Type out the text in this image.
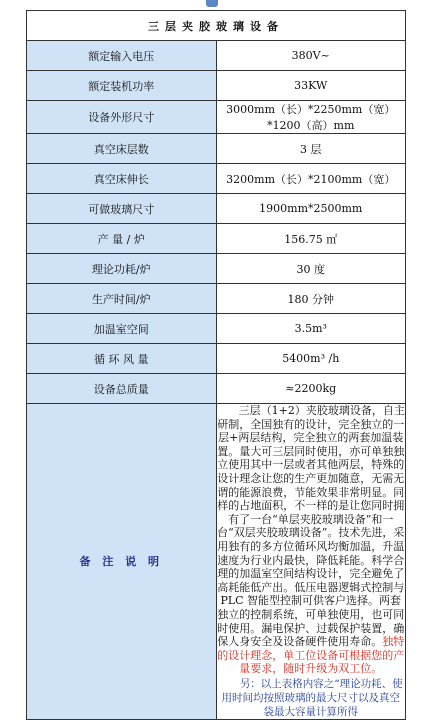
三层夹胶玻璃设备	
额定输入电压	380V~
额定装机功率	33KW
设备外形尺寸	3000mm（长）*2250mm（宽）*1200（高）mm
真空床层数	3 层
真空床伸长	3200mm（长）*2100mm（宽）
可做玻璃尺寸	1900mm*2500mm
产 量 / 炉	156.75 ㎡
理论功耗/炉	30 度
生产时间/炉	180 分钟
加温室空间	3.5m³
循 环 风 量	5400m³ /h
设备总质量	≈2200kg
备 注 说 明	三层（1+2）夹胶玻璃设备，自主研制，全国独有的设计，完全独立的一层+两层结构，完全独立的两套加温装置。量大可三层同时使用，亦可单独独立使用其中一层或者其他两层，特殊的设计理念让您的生产更加随意，无需无谓的能源浪费，节能效果非常明显。同样的占地面积，不一样的是让您同时拥有了一台“单层夹胶玻璃设备”和一台“双层夹胶玻璃设备”。技术先进，采用独有的多方位循环风均衡加温，升温速度为行业内最快，降低耗能。科学合理的加温室空间结构设计，完全避免了高耗能低产出。低压电器逻辑式控制与 PLC 智能型控制可供客户选择。两套独立的控制系统，可单独使用，也可同时使用。漏电保护、过载保护装置，确保人身安全及设备硬件使用寿命。独特的设计理念，单工位设备可根据您的产量要求，随时升级为双工位。
另：以上表格内容之“理论功耗、使用时间均按照玻璃的最大尺寸以及真空袋最大容量计算所得
